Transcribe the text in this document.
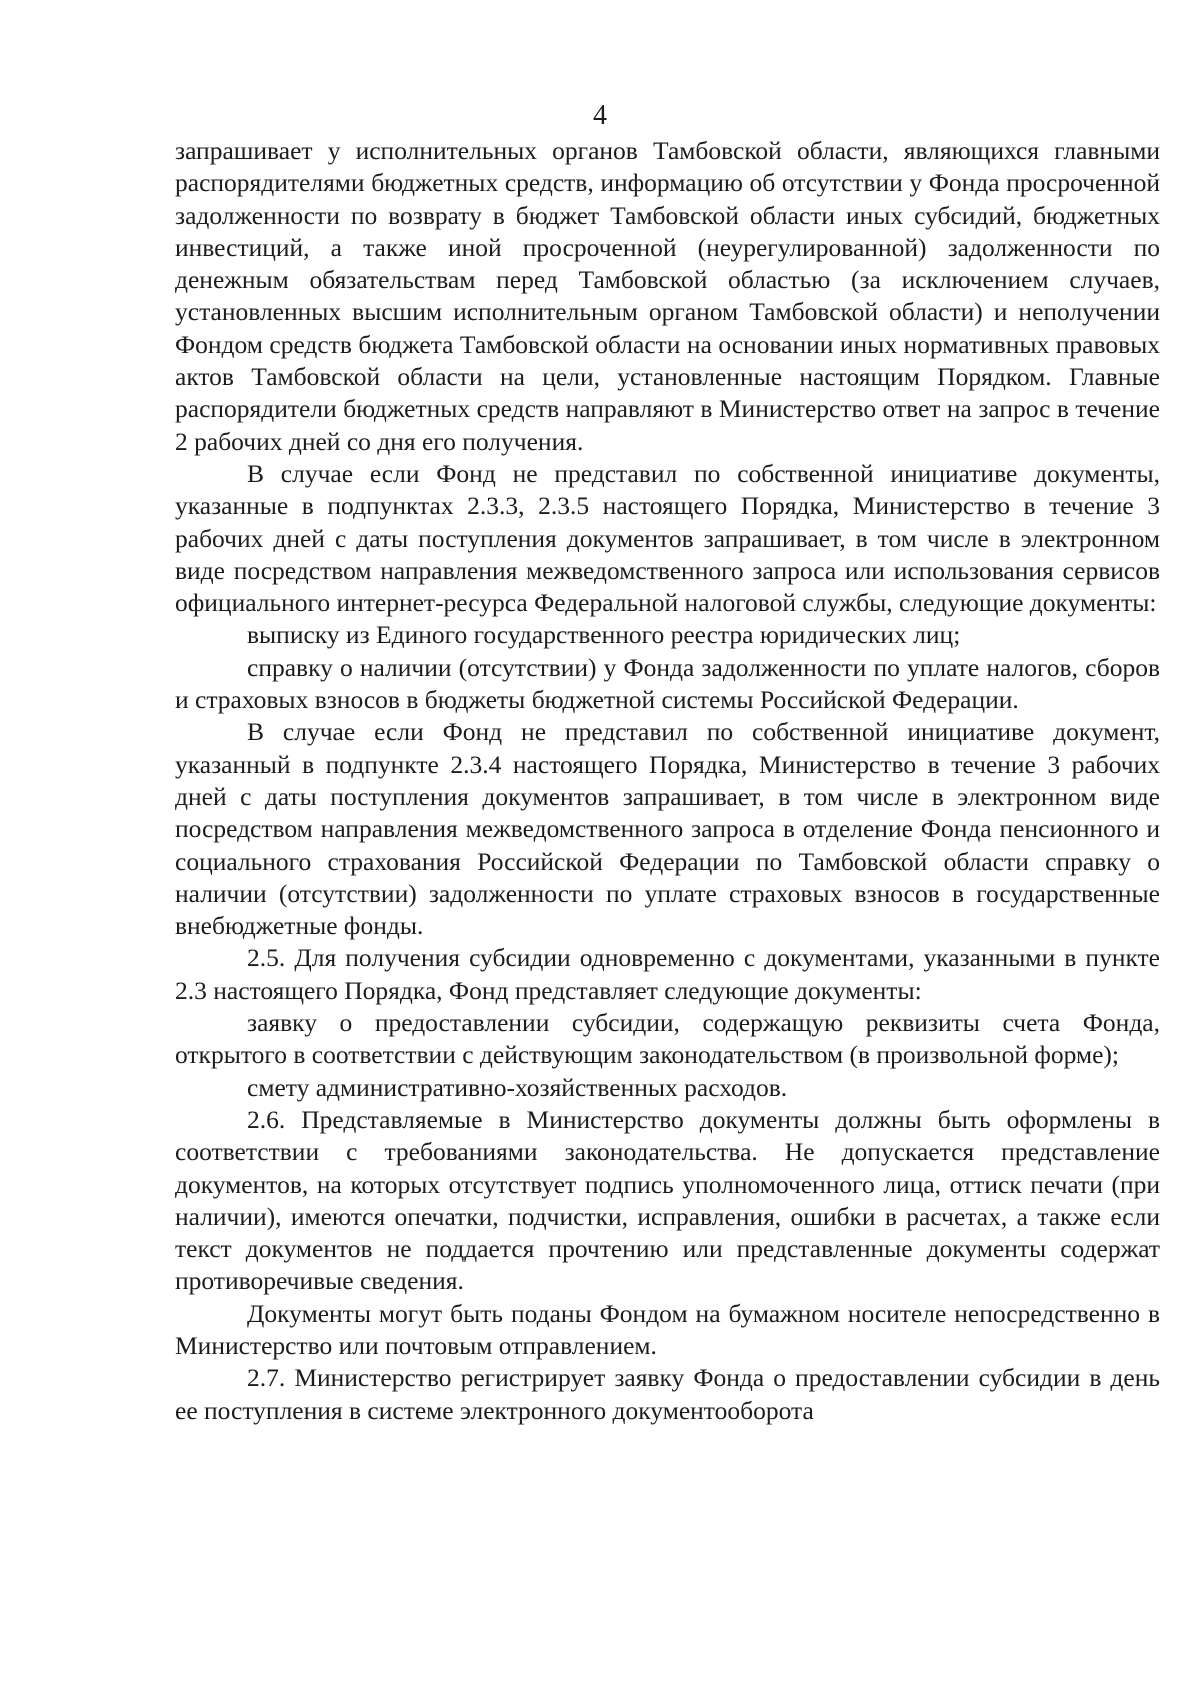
4

запрашивает у исполнительных органов Тамбовской области, являющихся главными распорядителями бюджетных средств, информацию об отсутствии у Фонда просроченной задолженности по возврату в бюджет Тамбовской области иных субсидий, бюджетных инвестиций, а также иной просроченной (неурегулированной) задолженности по денежным обязательствам перед Тамбовской областью (за исключением случаев, установленных высшим исполнительным органом Тамбовской области) и неполучении Фондом средств бюджета Тамбовской области на основании иных нормативных правовых актов Тамбовской области на цели, установленные настоящим Порядком. Главные распорядители бюджетных средств направляют в Министерство ответ на запрос в течение 2 рабочих дней со дня его получения.

В случае если Фонд не представил по собственной инициативе документы, указанные в подпунктах 2.3.3, 2.3.5 настоящего Порядка, Министерство в течение 3 рабочих дней с даты поступления документов запрашивает, в том числе в электронном виде посредством направления межведомственного запроса или использования сервисов официального интернет-ресурса Федеральной налоговой службы, следующие документы:

выписку из Единого государственного реестра юридических лиц;

справку о наличии (отсутствии) у Фонда задолженности по уплате налогов, сборов и страховых взносов в бюджеты бюджетной системы Российской Федерации.

В случае если Фонд не представил по собственной инициативе документ, указанный в подпункте 2.3.4 настоящего Порядка, Министерство в течение 3 рабочих дней с даты поступления документов запрашивает, в том числе в электронном виде посредством направления межведомственного запроса в отделение Фонда пенсионного и социального страхования Российской Федерации по Тамбовской области справку о наличии (отсутствии) задолженности по уплате страховых взносов в государственные внебюджетные фонды.

2.5. Для получения субсидии одновременно с документами, указанными в пункте 2.3 настоящего Порядка, Фонд представляет следующие документы:

заявку о предоставлении субсидии, содержащую реквизиты счета Фонда, открытого в соответствии с действующим законодательством (в произвольной форме);

смету административно-хозяйственных расходов.

2.6. Представляемые в Министерство документы должны быть оформлены в соответствии с требованиями законодательства. Не допускается представление документов, на которых отсутствует подпись уполномоченного лица, оттиск печати (при наличии), имеются опечатки, подчистки, исправления, ошибки в расчетах, а также если текст документов не поддается прочтению или представленные документы содержат противоречивые сведения.

Документы могут быть поданы Фондом на бумажном носителе непосредственно в Министерство или почтовым отправлением.

2.7. Министерство регистрирует заявку Фонда о предоставлении субсидии в день ее поступления в системе электронного документооборота
